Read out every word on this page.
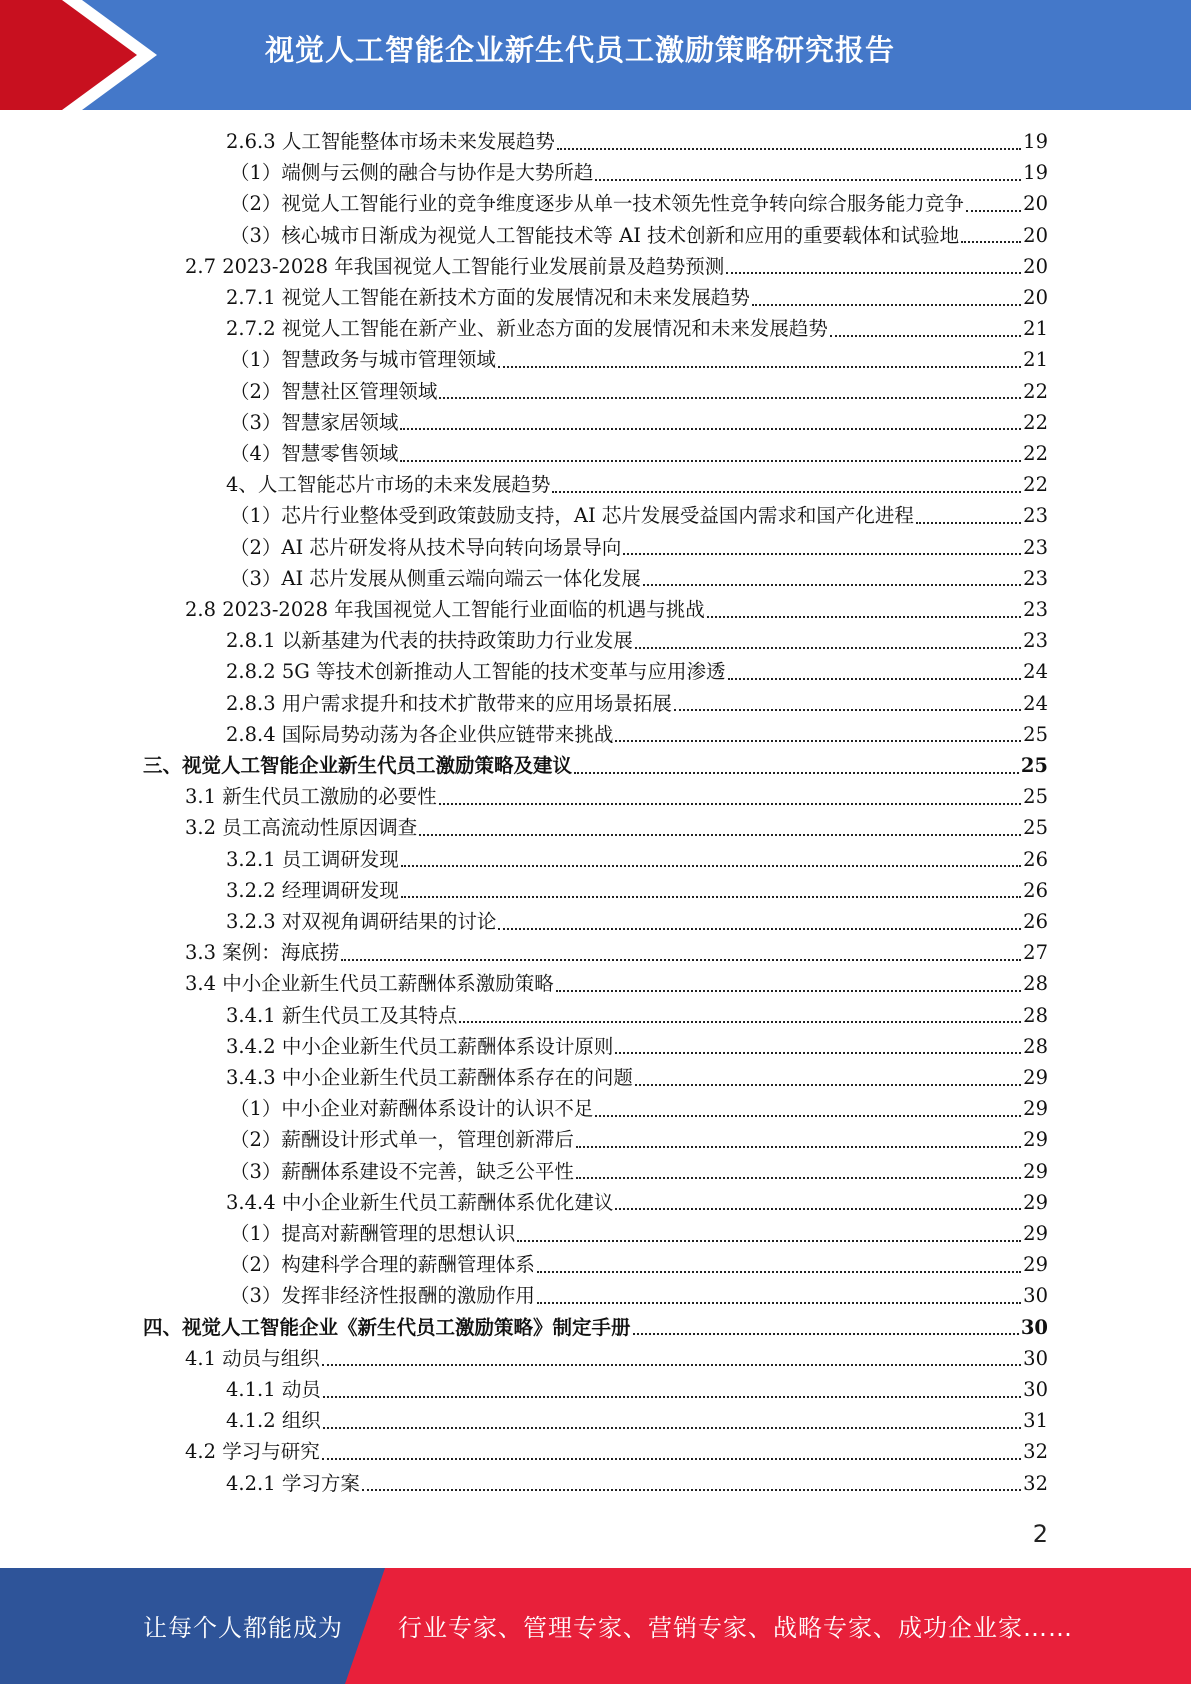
视觉人工智能企业新生代员工激励策略研究报告
2.6.3 人工智能整体市场未来发展趋势	19
（1）端侧与云侧的融合与协作是大势所趋	19
（2）视觉人工智能行业的竞争维度逐步从单一技术领先性竞争转向综合服务能力竞争	20
（3）核心城市日渐成为视觉人工智能技术等 AI 技术创新和应用的重要载体和试验地	20
2.7 2023-2028 年我国视觉人工智能行业发展前景及趋势预测	20
2.7.1 视觉人工智能在新技术方面的发展情况和未来发展趋势	20
2.7.2 视觉人工智能在新产业、新业态方面的发展情况和未来发展趋势	21
（1）智慧政务与城市管理领域	21
（2）智慧社区管理领域	22
（3）智慧家居领域	22
（4）智慧零售领域	22
4、人工智能芯片市场的未来发展趋势	22
（1）芯片行业整体受到政策鼓励支持，AI 芯片发展受益国内需求和国产化进程	23
（2）AI 芯片研发将从技术导向转向场景导向	23
（3）AI 芯片发展从侧重云端向端云一体化发展	23
2.8 2023-2028 年我国视觉人工智能行业面临的机遇与挑战	23
2.8.1 以新基建为代表的扶持政策助力行业发展	23
2.8.2 5G 等技术创新推动人工智能的技术变革与应用渗透	24
2.8.3 用户需求提升和技术扩散带来的应用场景拓展	24
2.8.4 国际局势动荡为各企业供应链带来挑战	25
三、视觉人工智能企业新生代员工激励策略及建议	25
3.1 新生代员工激励的必要性	25
3.2 员工高流动性原因调查	25
3.2.1 员工调研发现	26
3.2.2 经理调研发现	26
3.2.3 对双视角调研结果的讨论	26
3.3 案例：海底捞	27
3.4 中小企业新生代员工薪酬体系激励策略	28
3.4.1 新生代员工及其特点	28
3.4.2 中小企业新生代员工薪酬体系设计原则	28
3.4.3 中小企业新生代员工薪酬体系存在的问题	29
（1）中小企业对薪酬体系设计的认识不足	29
（2）薪酬设计形式单一，管理创新滞后	29
（3）薪酬体系建设不完善，缺乏公平性	29
3.4.4 中小企业新生代员工薪酬体系优化建议	29
（1）提高对薪酬管理的思想认识	29
（2）构建科学合理的薪酬管理体系	29
（3）发挥非经济性报酬的激励作用	30
四、视觉人工智能企业《新生代员工激励策略》制定手册	30
4.1 动员与组织	30
4.1.1 动员	30
4.1.2 组织	31
4.2 学习与研究	32
4.2.1 学习方案	32
2
让每个人都能成为 行业专家、管理专家、营销专家、战略专家、成功企业家……
